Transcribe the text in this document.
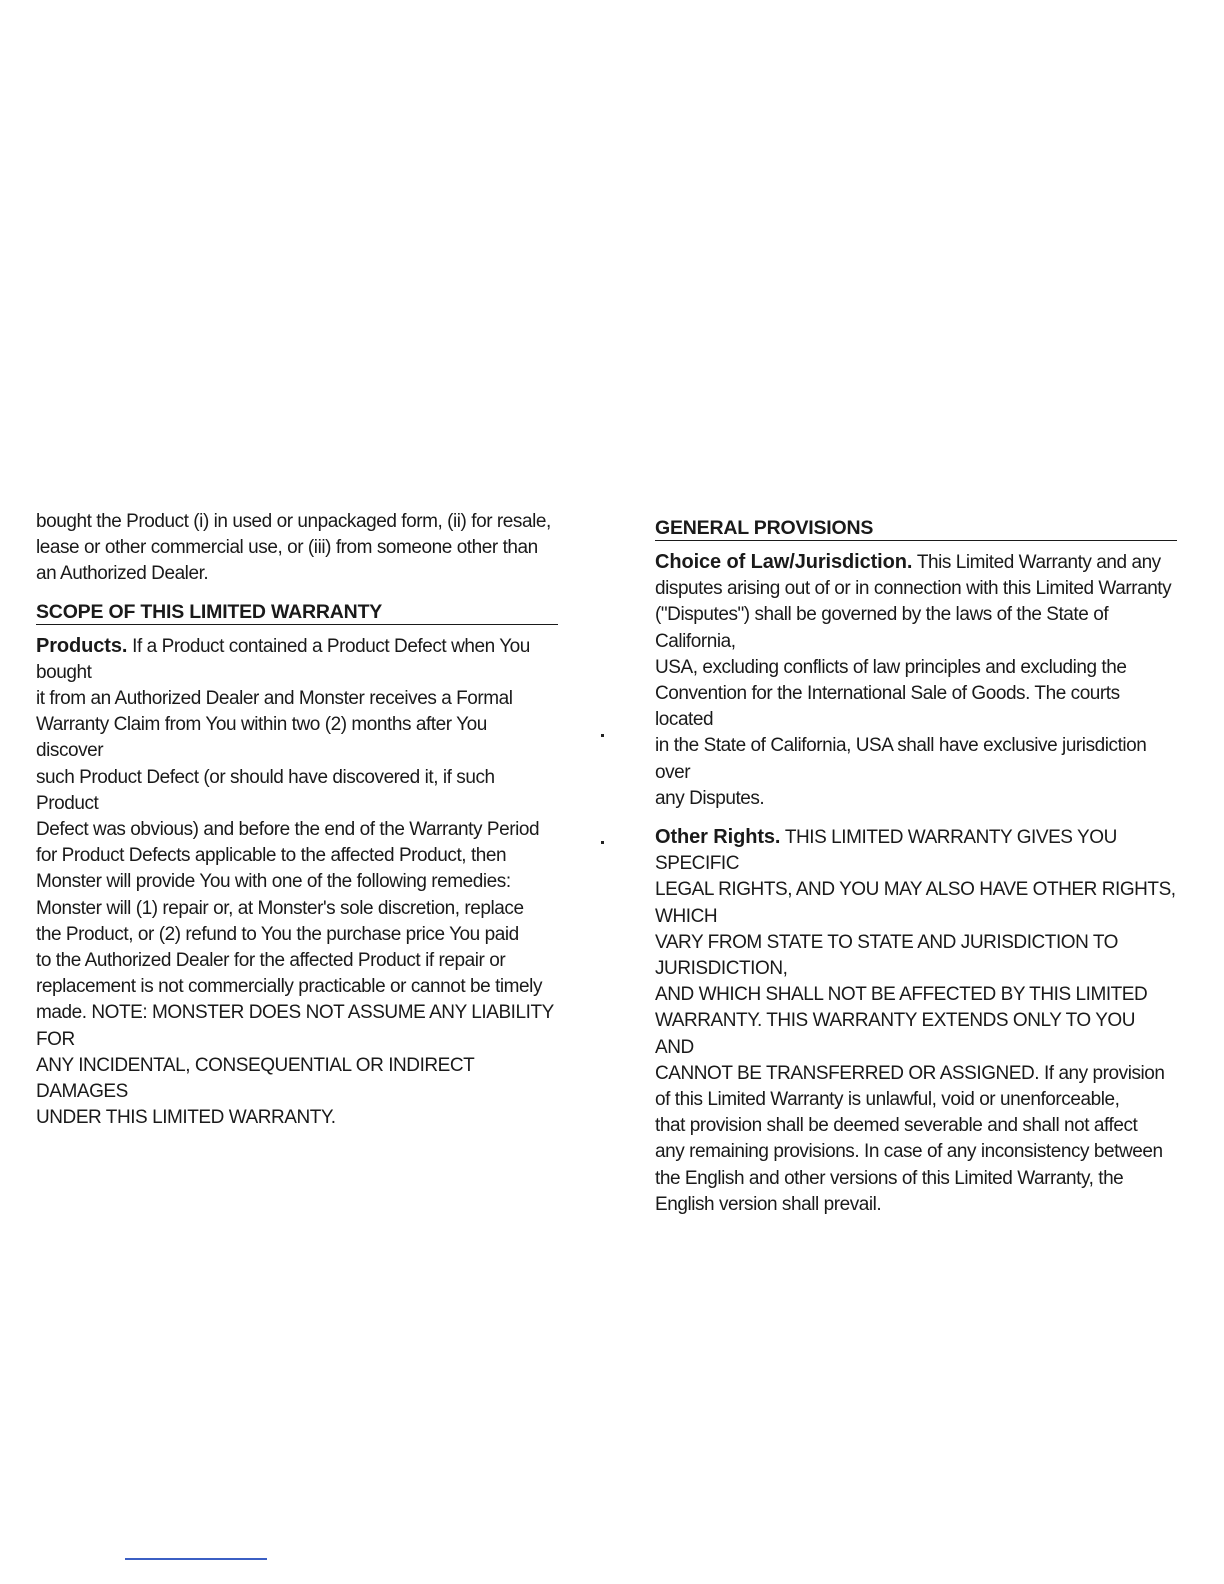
bought the Product (i) in used or unpackaged form, (ii) for resale,
lease or other commercial use, or (iii) from someone other than
an Authorized Dealer.

SCOPE OF THIS LIMITED WARRANTY

Products. If a Product contained a Product Defect when You bought
it from an Authorized Dealer and Monster receives a Formal
Warranty Claim from You within two (2) months after You discover
such Product Defect (or should have discovered it, if such Product
Defect was obvious) and before the end of the Warranty Period
for Product Defects applicable to the affected Product, then
Monster will provide You with one of the following remedies:
Monster will (1) repair or, at Monster's sole discretion, replace
the Product, or (2) refund to You the purchase price You paid
to the Authorized Dealer for the affected Product if repair or
replacement is not commercially practicable or cannot be timely
made. NOTE: MONSTER DOES NOT ASSUME ANY LIABILITY FOR
ANY INCIDENTAL, CONSEQUENTIAL OR INDIRECT DAMAGES
UNDER THIS LIMITED WARRANTY.

GENERAL PROVISIONS

Choice of Law/Jurisdiction. This Limited Warranty and any
disputes arising out of or in connection with this Limited Warranty
("Disputes") shall be governed by the laws of the State of California,
USA, excluding conflicts of law principles and excluding the
Convention for the International Sale of Goods. The courts located
in the State of California, USA shall have exclusive jurisdiction over
any Disputes.

Other Rights. THIS LIMITED WARRANTY GIVES YOU SPECIFIC
LEGAL RIGHTS, AND YOU MAY ALSO HAVE OTHER RIGHTS, WHICH
VARY FROM STATE TO STATE AND JURISDICTION TO JURISDICTION,
AND WHICH SHALL NOT BE AFFECTED BY THIS LIMITED
WARRANTY. THIS WARRANTY EXTENDS ONLY TO YOU AND
CANNOT BE TRANSFERRED OR ASSIGNED. If any provision
of this Limited Warranty is unlawful, void or unenforceable,
that provision shall be deemed severable and shall not affect
any remaining provisions. In case of any inconsistency between
the English and other versions of this Limited Warranty, the
English version shall prevail.
